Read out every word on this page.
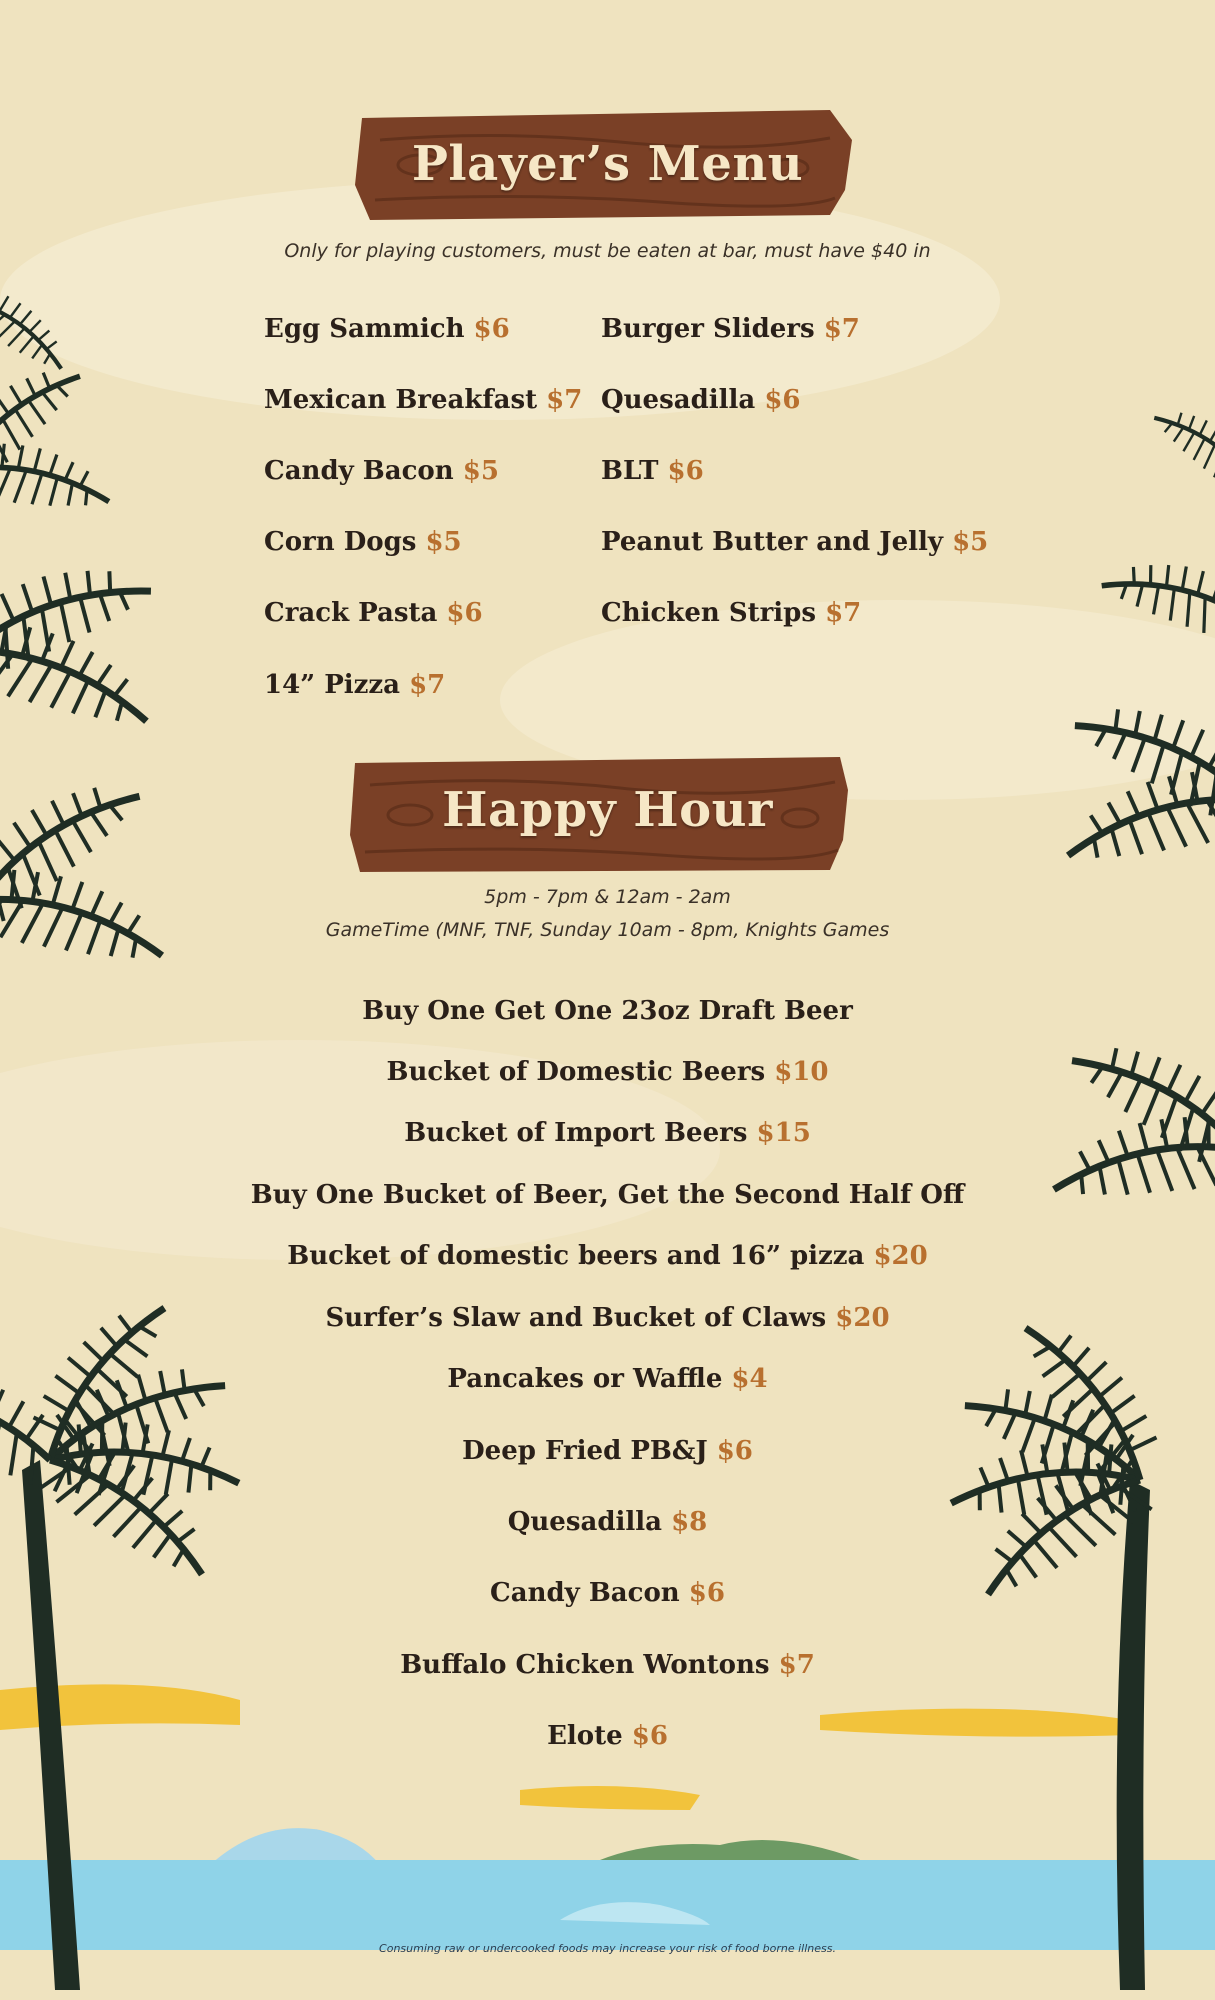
Player’s Menu
Only for playing customers, must be eaten at bar, must have $40 in
Egg Sammich $6
Mexican Breakfast $7
Candy Bacon $5
Corn Dogs $5
Crack Pasta $6
14” Pizza $7
Burger Sliders $7
Quesadilla $6
BLT $6
Peanut Butter and Jelly $5
Chicken Strips $7
Happy Hour
5pm - 7pm & 12am - 2am
GameTime (MNF, TNF, Sunday 10am - 8pm, Knights Games
Buy One Get One 23oz Draft Beer
Bucket of Domestic Beers $10
Bucket of Import Beers $15
Buy One Bucket of Beer, Get the Second Half Off
Bucket of domestic beers and 16” pizza $20
Surfer’s Slaw and Bucket of Claws $20
Pancakes or Waffle $4
Deep Fried PB&J $6
Quesadilla $8
Candy Bacon $6
Buffalo Chicken Wontons $7
Elote $6
Consuming raw or undercooked foods may increase your risk of food borne illness.
